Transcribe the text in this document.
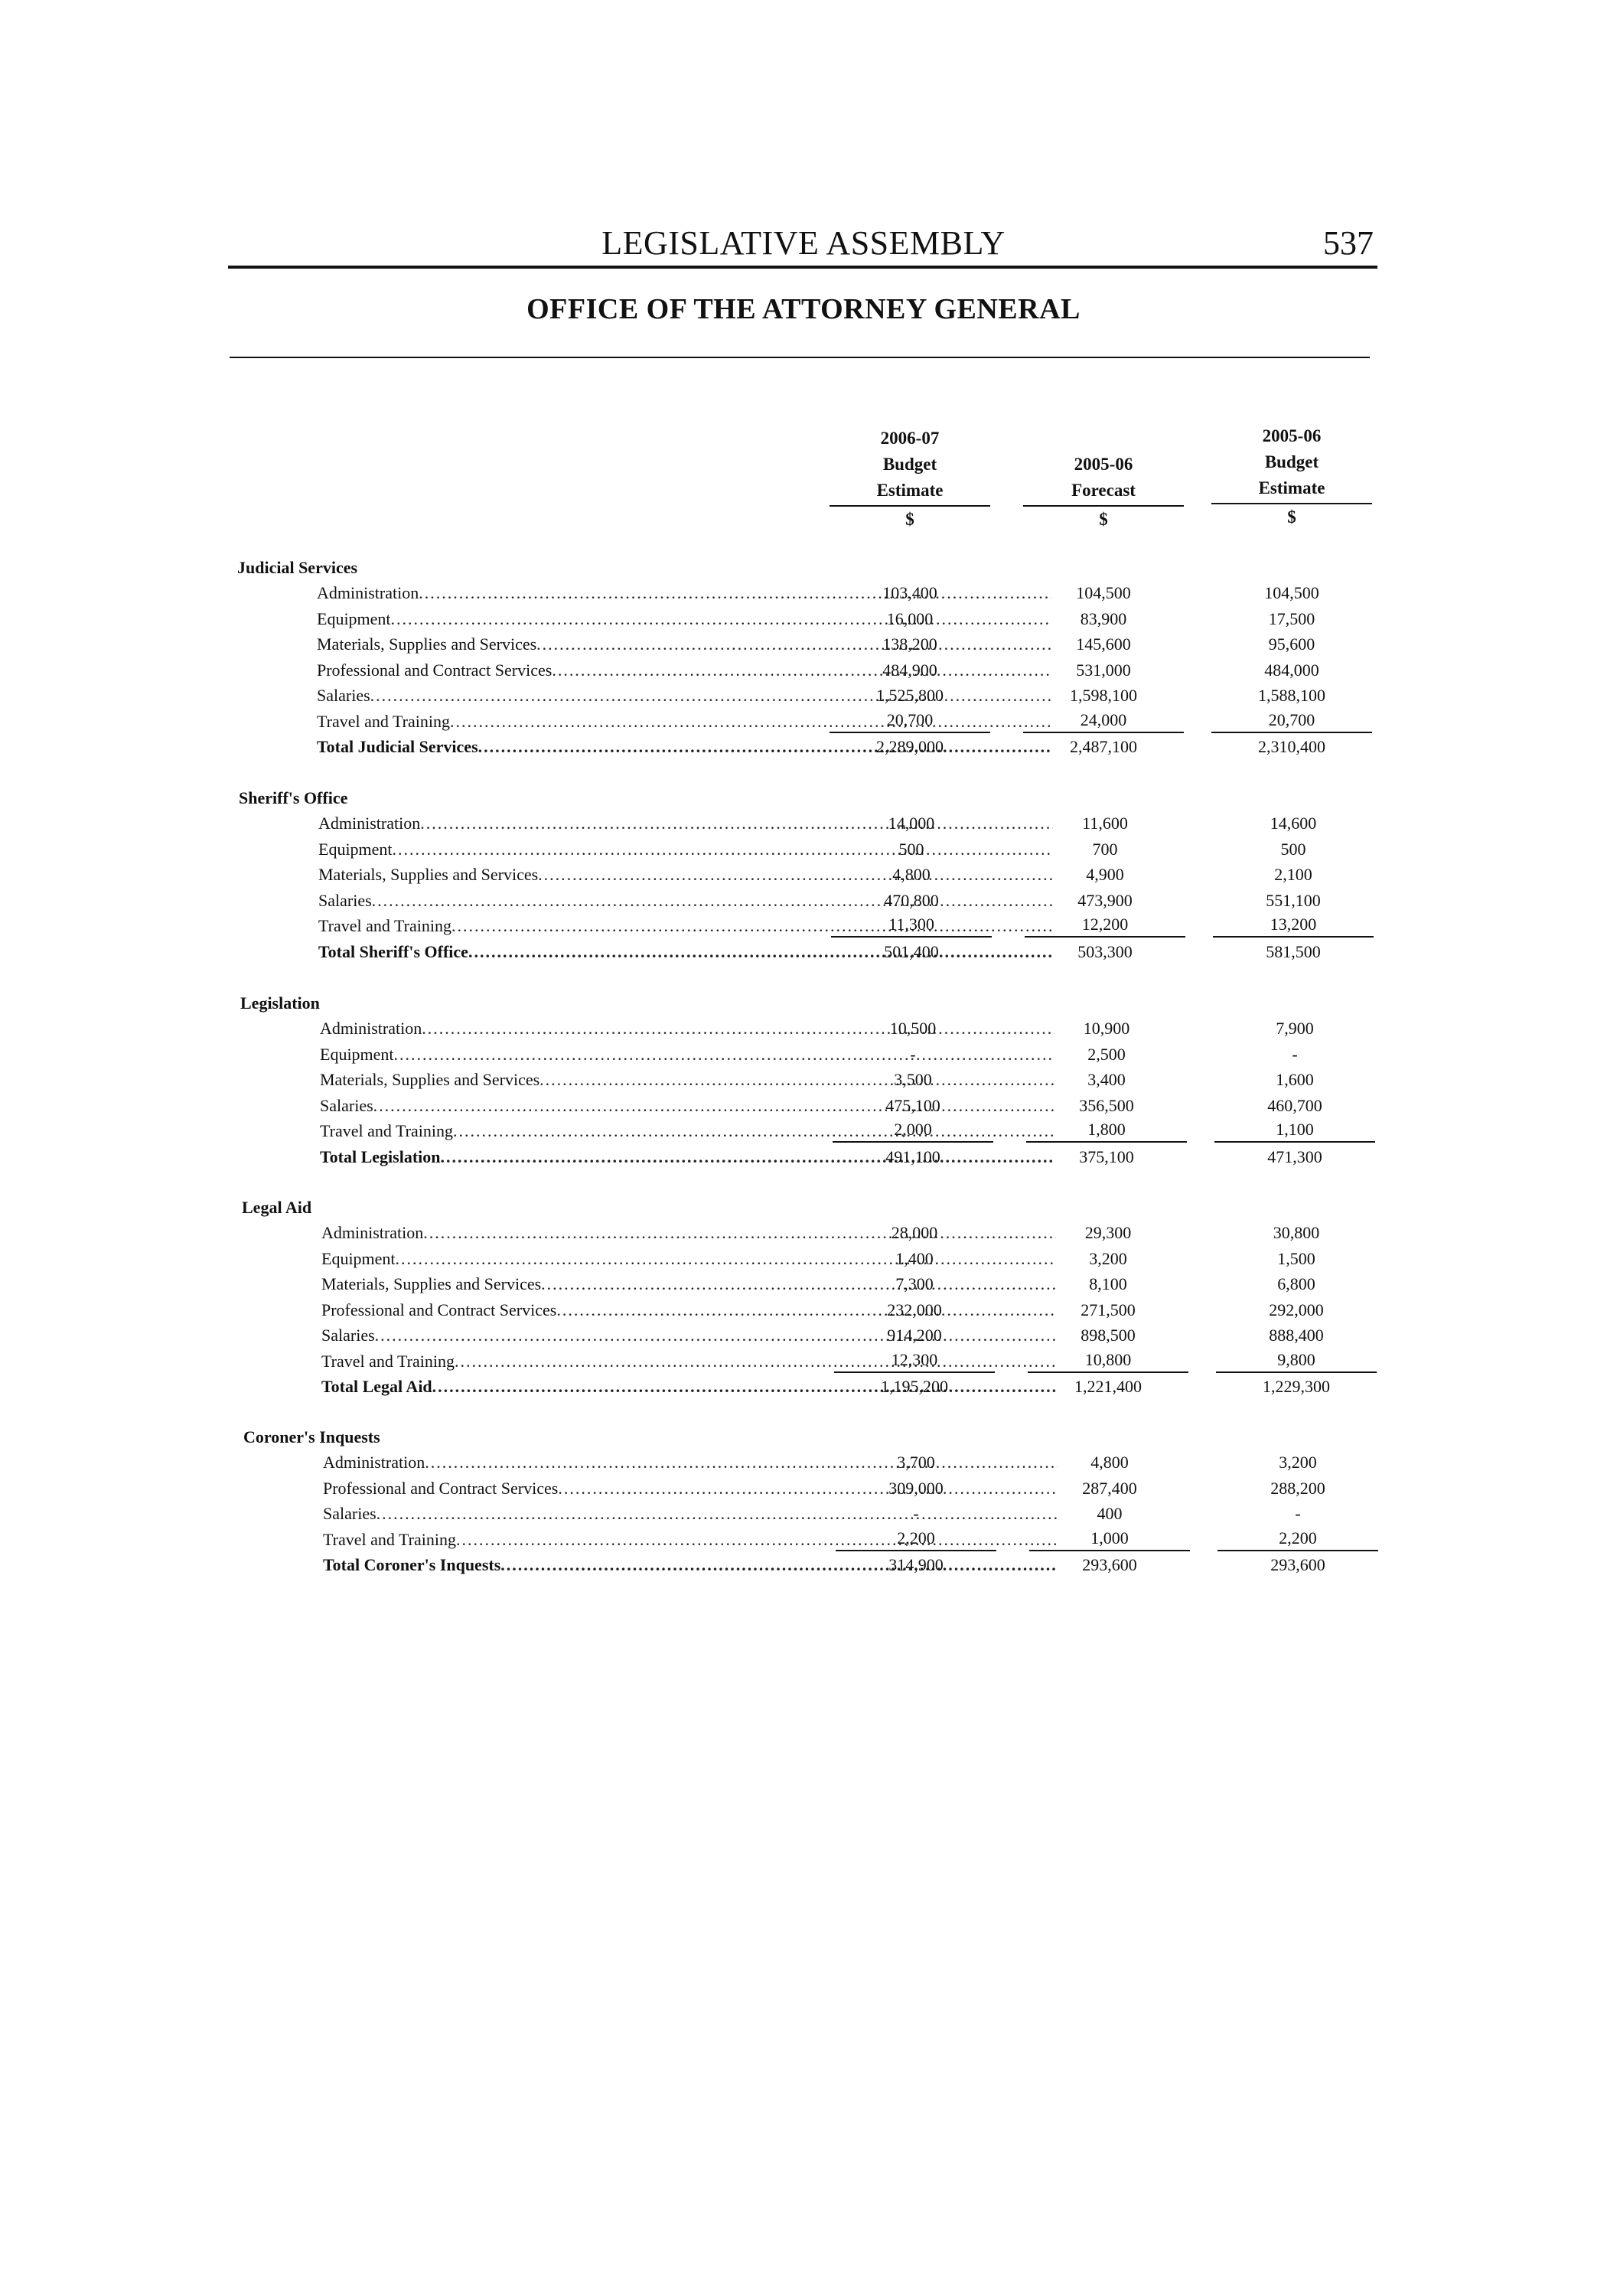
LEGISLATIVE ASSEMBLY	537
OFFICE OF THE ATTORNEY GENERAL
2006-07
Budget
Estimate
$
2005-06
Forecast
$
2005-06
Budget
Estimate
$
Judicial Services
Administration .....	103,400	104,500	104,500
Equipment .....	16,000	83,900	17,500
Materials, Supplies and Services .....	138,200	145,600	95,600
Professional and Contract Services .....	484,900	531,000	484,000
Salaries .....	1,525,800	1,598,100	1,588,100
Travel and Training .....	20,700	24,000	20,700
Total Judicial Services .....	2,289,000	2,487,100	2,310,400
Sheriff's Office
Administration .....	14,000	11,600	14,600
Equipment .....	500	700	500
Materials, Supplies and Services .....	4,800	4,900	2,100
Salaries .....	470,800	473,900	551,100
Travel and Training .....	11,300	12,200	13,200
Total Sheriff's Office .....	501,400	503,300	581,500
Legislation
Administration .....	10,500	10,900	7,900
Equipment .....	-	2,500	-
Materials, Supplies and Services .....	3,500	3,400	1,600
Salaries .....	475,100	356,500	460,700
Travel and Training .....	2,000	1,800	1,100
Total Legislation .....	491,100	375,100	471,300
Legal Aid
Administration .....	28,000	29,300	30,800
Equipment .....	1,400	3,200	1,500
Materials, Supplies and Services .....	7,300	8,100	6,800
Professional and Contract Services .....	232,000	271,500	292,000
Salaries .....	914,200	898,500	888,400
Travel and Training .....	12,300	10,800	9,800
Total Legal Aid .....	1,195,200	1,221,400	1,229,300
Coroner's Inquests
Administration .....	3,700	4,800	3,200
Professional and Contract Services .....	309,000	287,400	288,200
Salaries .....	-	400	-
Travel and Training .....	2,200	1,000	2,200
Total Coroner's Inquests .....	314,900	293,600	293,600
